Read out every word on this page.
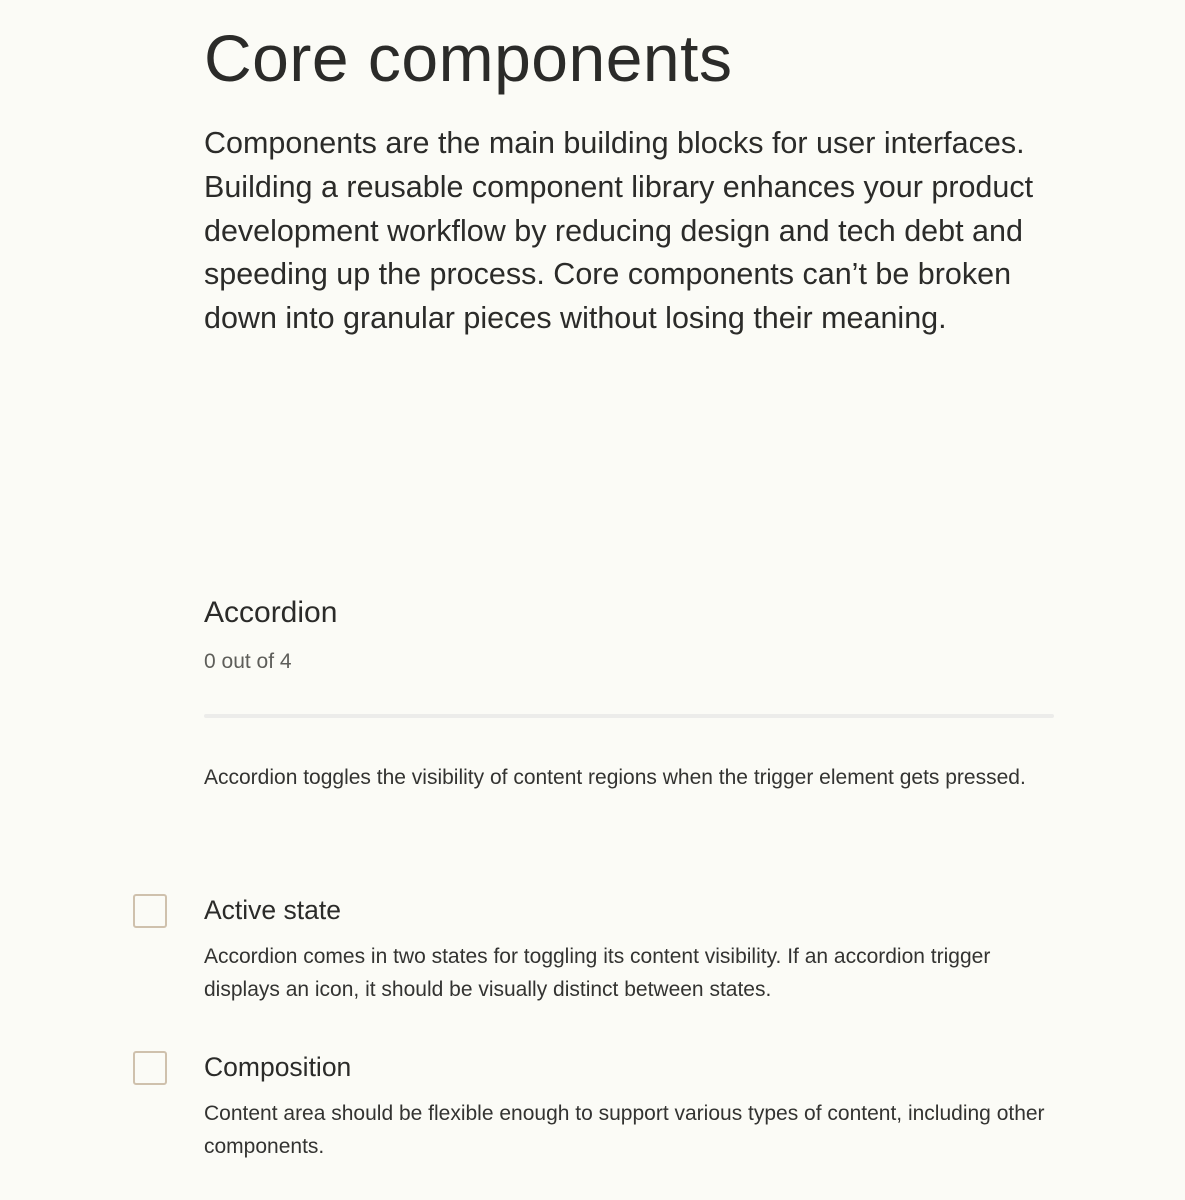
Core components

Components are the main building blocks for user interfaces. Building a reusable component library enhances your product development workflow by reducing design and tech debt and speeding up the process. Core components can’t be broken down into granular pieces without losing their meaning.

Accordion
0 out of 4

Accordion toggles the visibility of content regions when the trigger element gets pressed.

Active state

Accordion comes in two states for toggling its content visibility. If an accordion trigger displays an icon, it should be visually distinct between states.

Composition

Content area should be flexible enough to support various types of content, including other components.
